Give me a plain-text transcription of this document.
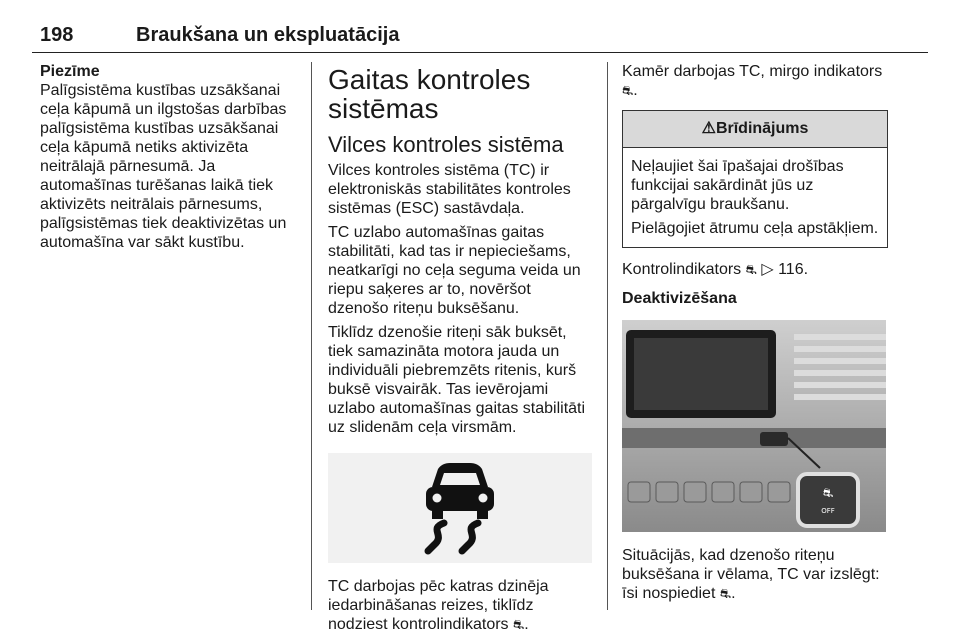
198	Braukšana un ekspluatācija
Piezīme

Palīgsistēma kustības uzsākšanai ceļa kāpumā un ilgstošas darbības palīgsistēma kustības uzsākšanai ceļa kāpumā netiks aktivizēta neitrālajā pārnesumā. Ja automašīnas turēšanas laikā tiek aktivizēts neitrālais pārnesums, palīgsistēmas tiek deaktivizētas un automašīna var sākt kustību.

Gaitas kontroles sistēmas
Vilces kontroles sistēma

Vilces kontroles sistēma (TC) ir elektroniskās stabilitātes kontroles sistēmas (ESC) sastāvdaļa.

TC uzlabo automašīnas gaitas stabilitāti, kad tas ir nepieciešams, neatkarīgi no ceļa seguma veida un riepu saķeres ar to, novēršot dzenošo riteņu buksēšanu.

Tiklīdz dzenošie riteņi sāk buksēt, tiek samazināta motora jauda un individuāli piebremzēts ritenis, kurš buksē visvairāk. Tas ievērojami uzlabo automašīnas gaitas stabilitāti uz slidenām ceļa virsmām.

TC darbojas pēc katras dzinēja iedarbināšanas reizes, tiklīdz nodziest kontrolindikators ⛐.

Kamēr darbojas TC, mirgo indikators
⛐.

⚠Brīdinājums

Neļaujiet šai īpašajai drošības funkcijai sakārdināt jūs uz pārgalvīgu braukšanu.

Pielāgojiet ātrumu ceļa apstākļiem.

Kontrolindikators ⛐ ▷ 116.

Deaktivizēšana
⛐
OFF

Situācijās, kad dzenošo riteņu buksēšana ir vēlama, TC var izslēgt: īsi nospiediet ⛐.
